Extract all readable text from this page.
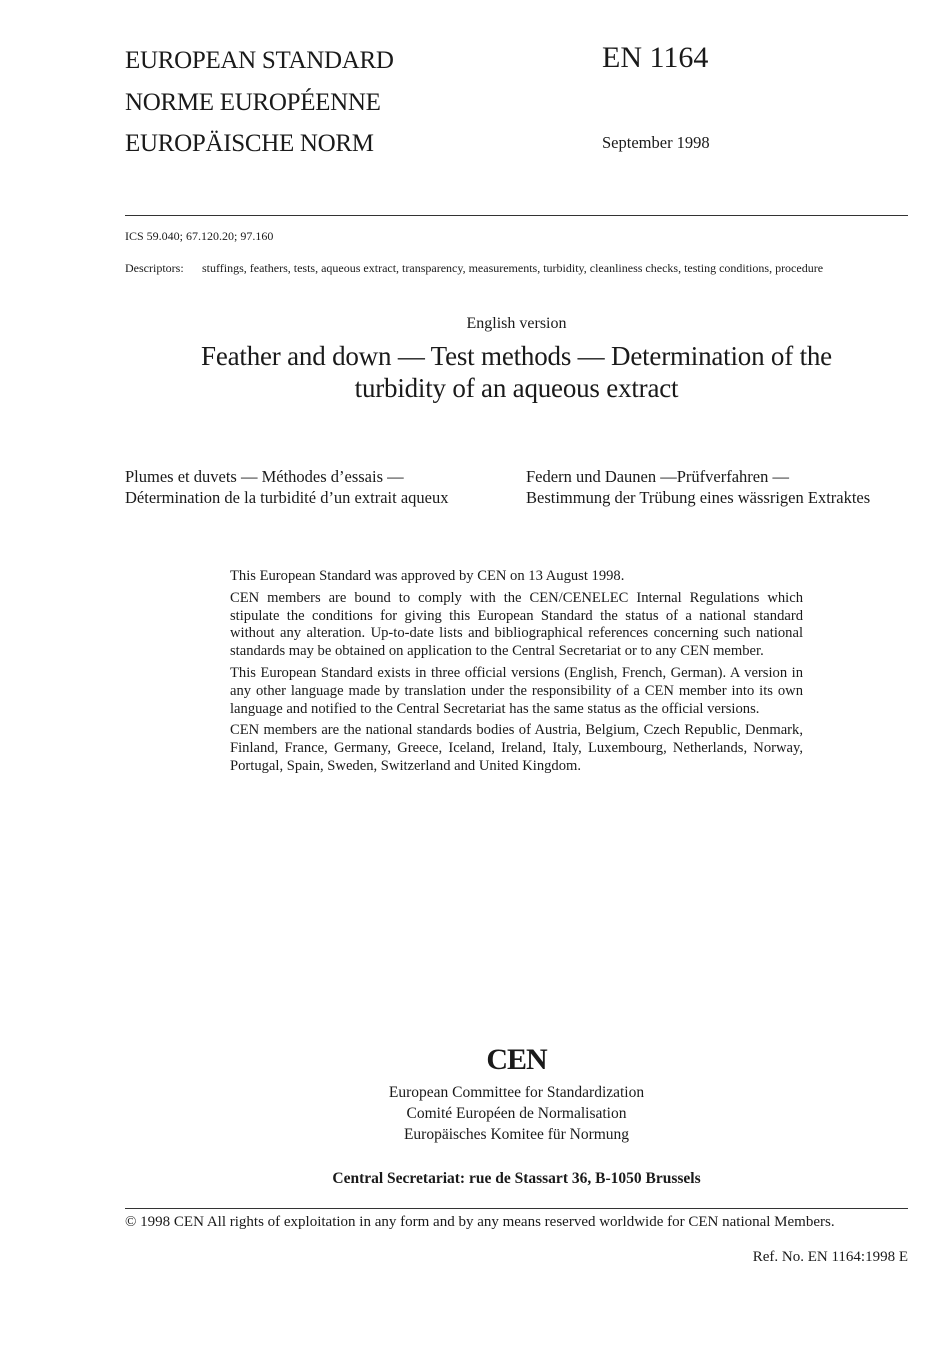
EUROPEAN STANDARD
NORME EUROPÉENNE
EUROPÄISCHE NORM
EN 1164
September 1998
ICS 59.040; 67.120.20; 97.160
Descriptors: stuffings, feathers, tests, aqueous extract, transparency, measurements, turbidity, cleanliness checks, testing conditions, procedure
English version
Feather and down — Test methods — Determination of the
turbidity of an aqueous extract
Plumes et duvets — Méthodes d’essais —
Détermination de la turbidité d’un extrait aqueux
Federn und Daunen —Prüfverfahren —
Bestimmung der Trübung eines wässrigen Extraktes

This European Standard was approved by CEN on 13 August 1998.

CEN members are bound to comply with the CEN/CENELEC Internal Regulations which stipulate the conditions for giving this European Standard the status of a national standard without any alteration. Up-to-date lists and bibliographical references concerning such national standards may be obtained on application to the Central Secretariat or to any CEN member.

This European Standard exists in three official versions (English, French, German). A version in any other language made by translation under the responsibility of a CEN member into its own language and notified to the Central Secretariat has the same status as the official versions.

CEN members are the national standards bodies of Austria, Belgium, Czech Republic, Denmark, Finland, France, Germany, Greece, Iceland, Ireland, Italy, Luxembourg, Netherlands, Norway, Portugal, Spain, Sweden, Switzerland and United Kingdom.

CEN
European Committee for Standardization
Comité Européen de Normalisation
Europäisches Komitee für Normung
Central Secretariat: rue de Stassart 36, B-1050 Brussels
© 1998 CEN All rights of exploitation in any form and by any means reserved worldwide for CEN national Members.
Ref. No. EN 1164:1998 E
